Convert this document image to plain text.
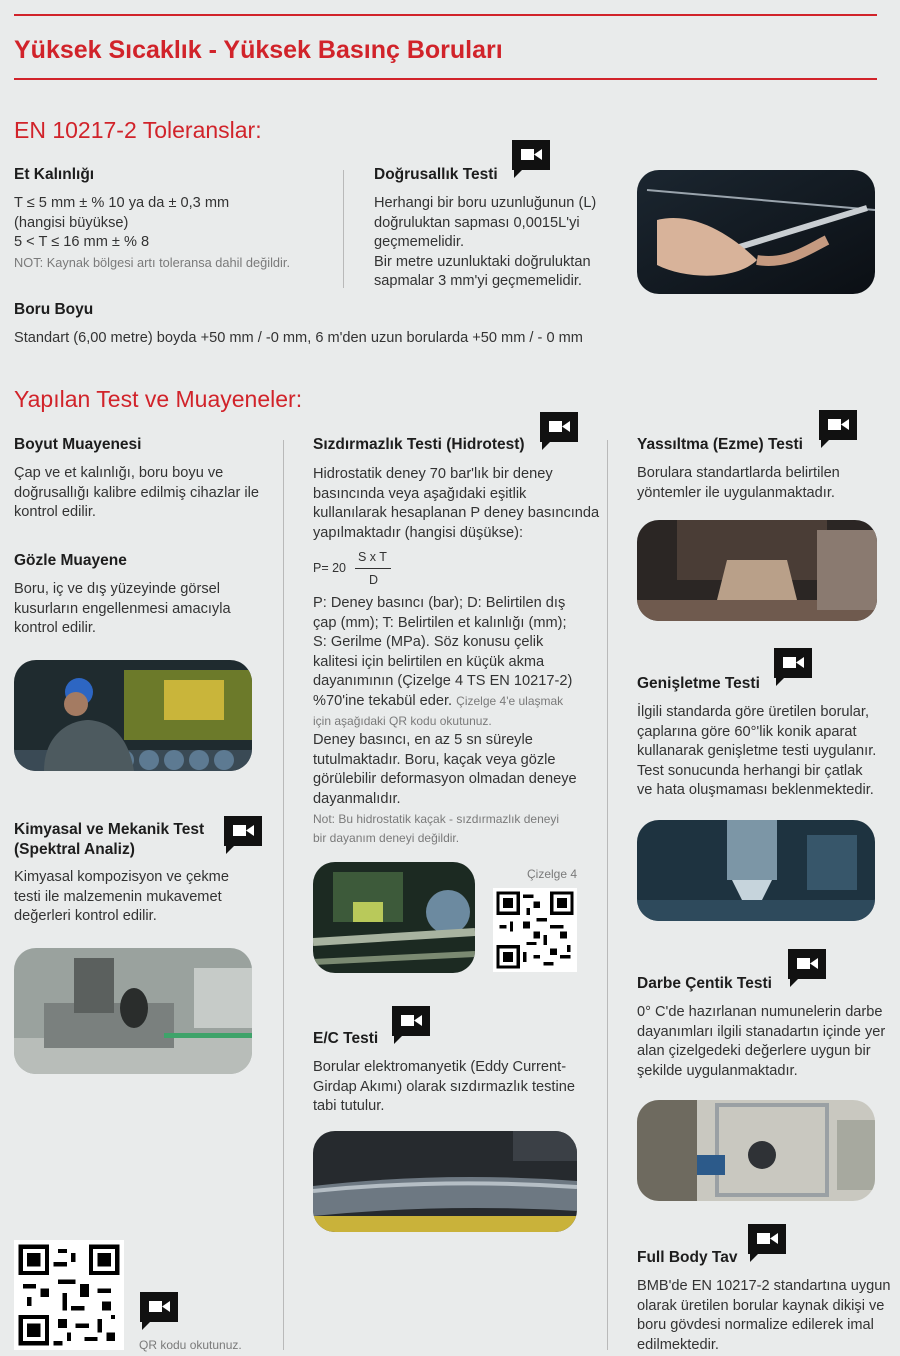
Yüksek Sıcaklık - Yüksek Basınç Boruları
EN 10217-2 Toleranslar:
Et Kalınlığı
T ≤ 5 mm ± % 10 ya da ± 0,3 mm
(hangisi büyükse)
5 < T ≤ 16 mm ± % 8
NOT: Kaynak bölgesi artı toleransa dahil değildir.
Doğrusallık Testi
Herhangi bir boru uzunluğunun (L)
doğruluktan sapması 0,0015L'yi
geçmemelidir.
Bir metre uzunluktaki doğruluktan
sapmalar 3 mm'yi geçmemelidir.
Boru Boyu
Standart (6,00 metre) boyda +50 mm / -0 mm, 6 m'den uzun borularda +50 mm / - 0 mm
Yapılan Test ve Muayeneler:
Boyut Muayenesi
Çap ve et kalınlığı, boru boyu ve
doğrusallığı kalibre edilmiş cihazlar ile
kontrol edilir.
Gözle Muayene
Boru, iç ve dış yüzeyinde görsel
kusurların engellenmesi amacıyla
kontrol edilir.
Kimyasal ve Mekanik Test
(Spektral Analiz)
Kimyasal kompozisyon ve çekme
testi ile malzemenin mukavemet
değerleri kontrol edilir.
QR kodu okutunuz.
Sızdırmazlık Testi (Hidrotest)
Hidrostatik deney 70 bar'lık bir deney
basıncında veya aşağıdaki eşitlik
kullanılarak hesaplanan P deney basıncında
yapılmaktadır (hangisi düşükse):
P= 20
S x T
D
P: Deney basıncı (bar); D: Belirtilen dış
çap (mm); T: Belirtilen et kalınlığı (mm);
S: Gerilme (MPa). Söz konusu çelik
kalitesi için belirtilen en küçük akma
dayanımının (Çizelge 4 TS EN 10217-2)
%70'ine tekabül eder. Çizelge 4'e ulaşmak
için aşağıdaki QR kodu okutunuz.
Deney basıncı, en az 5 sn süreyle
tutulmaktadır. Boru, kaçak veya gözle
görülebilir deformasyon olmadan deneye
dayanmalıdır.
Not: Bu hidrostatik kaçak - sızdırmazlık deneyi
bir dayanım deneyi değildir.
Çizelge 4
E/C Testi
Borular elektromanyetik (Eddy Current-
Girdap Akımı) olarak sızdırmazlık testine
tabi tutulur.
Yassıltma (Ezme) Testi
Borulara standartlarda belirtilen
yöntemler ile uygulanmaktadır.
Genişletme Testi
İlgili standarda göre üretilen borular,
çaplarına göre 60°'lik konik aparat
kullanarak genişletme testi uygulanır.
Test sonucunda herhangi bir çatlak
ve hata oluşmaması beklenmektedir.
Darbe Çentik Testi
0° C'de hazırlanan numunelerin darbe
dayanımları ilgili stanadartın içinde yer
alan çizelgedeki değerlere uygun bir
şekilde uygulanmaktadır.
Full Body Tav
BMB'de EN 10217-2 standartına uygun
olarak üretilen borular kaynak dikişi ve
boru gövdesi normalize edilerek imal
edilmektedir.
